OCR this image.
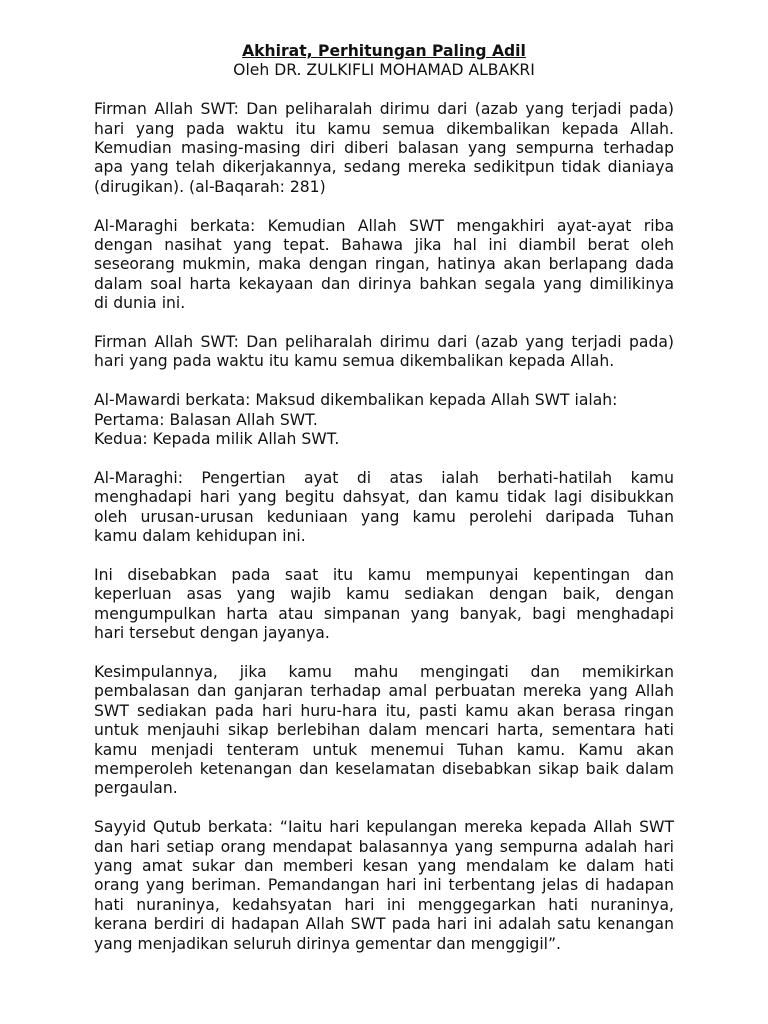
Akhirat, Perhitungan Paling Adil

Oleh DR. ZULKIFLI MOHAMAD ALBAKRI

Firman Allah SWT: Dan peliharalah dirimu dari (azab yang terjadi pada)
hari yang pada waktu itu kamu semua dikembalikan kepada Allah.
Kemudian masing-masing diri diberi balasan yang sempurna terhadap
apa yang telah dikerjakannya, sedang mereka sedikitpun tidak dianiaya
(dirugikan). (al-Baqarah: 281)
Al-Maraghi berkata: Kemudian Allah SWT mengakhiri ayat-ayat riba
dengan nasihat yang tepat. Bahawa jika hal ini diambil berat oleh
seseorang mukmin, maka dengan ringan, hatinya akan berlapang dada
dalam soal harta kekayaan dan dirinya bahkan segala yang dimilikinya
di dunia ini.
Firman Allah SWT: Dan peliharalah dirimu dari (azab yang terjadi pada)
hari yang pada waktu itu kamu semua dikembalikan kepada Allah.
Al-Mawardi berkata: Maksud dikembalikan kepada Allah SWT ialah:
Pertama: Balasan Allah SWT.
Kedua: Kepada milik Allah SWT.
Al-Maraghi: Pengertian ayat di atas ialah berhati-hatilah kamu
menghadapi hari yang begitu dahsyat, dan kamu tidak lagi disibukkan
oleh urusan-urusan keduniaan yang kamu perolehi daripada Tuhan
kamu dalam kehidupan ini.
Ini disebabkan pada saat itu kamu mempunyai kepentingan dan
keperluan asas yang wajib kamu sediakan dengan baik, dengan
mengumpulkan harta atau simpanan yang banyak, bagi menghadapi
hari tersebut dengan jayanya.
Kesimpulannya, jika kamu mahu mengingati dan memikirkan
pembalasan dan ganjaran terhadap amal perbuatan mereka yang Allah
SWT sediakan pada hari huru-hara itu, pasti kamu akan berasa ringan
untuk menjauhi sikap berlebihan dalam mencari harta, sementara hati
kamu menjadi tenteram untuk menemui Tuhan kamu. Kamu akan
memperoleh ketenangan dan keselamatan disebabkan sikap baik dalam
pergaulan.
Sayyid Qutub berkata: “Iaitu hari kepulangan mereka kepada Allah SWT
dan hari setiap orang mendapat balasannya yang sempurna adalah hari
yang amat sukar dan memberi kesan yang mendalam ke dalam hati
orang yang beriman. Pemandangan hari ini terbentang jelas di hadapan
hati nuraninya, kedahsyatan hari ini menggegarkan hati nuraninya,
kerana berdiri di hadapan Allah SWT pada hari ini adalah satu kenangan
yang menjadikan seluruh dirinya gementar dan menggigil”.
